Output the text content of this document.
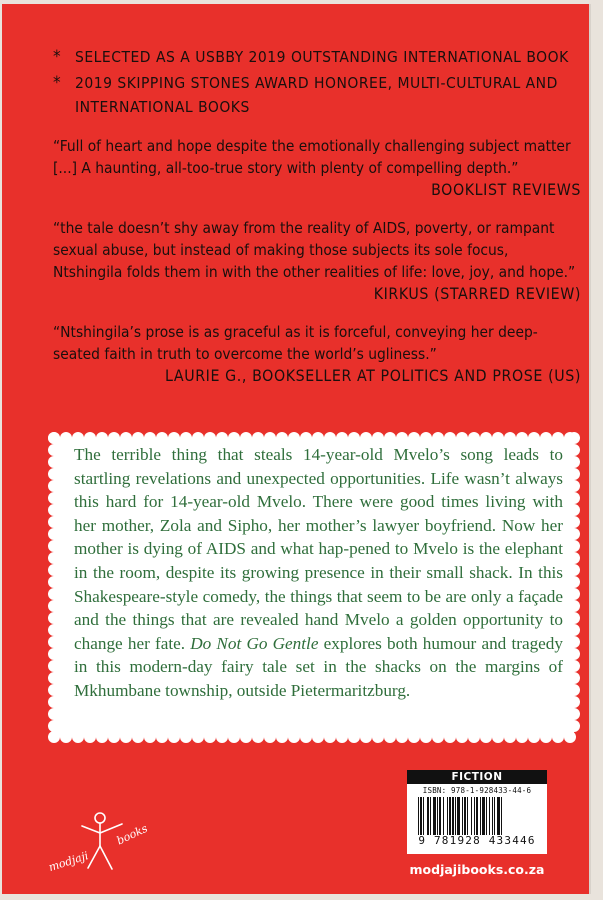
* SELECTED AS A USBBY 2019 OUTSTANDING INTERNATIONAL BOOK
* 2019 SKIPPING STONES AWARD HONOREE, MULTI-CULTURAL AND INTERNATIONAL BOOKS
“Full of heart and hope despite the emotionally challenging subject matter [...] A haunting, all-too-true story with plenty of compelling depth.”
BOOKLIST REVIEWS
“the tale doesn’t shy away from the reality of AIDS, poverty, or rampant sexual abuse, but instead of making those subjects its sole focus, Ntshingila folds them in with the other realities of life: love, joy, and hope.”
KIRKUS (STARRED REVIEW)
“Ntshingila’s prose is as graceful as it is forceful, conveying her deep-seated faith in truth to overcome the world’s ugliness.”
LAURIE G., BOOKSELLER AT POLITICS AND PROSE (US)
The terrible thing that steals 14-year-old Mvelo’s song leads to startling revelations and unexpected opportunities. Life wasn’t always this hard for 14-year-old Mvelo. There were good times living with her mother, Zola and Sipho, her mother’s lawyer boyfriend. Now her mother is dying of AIDS and what hap-pened to Mvelo is the elephant in the room, despite its growing presence in their small shack. In this Shakespeare-style comedy, the things that seem to be are only a façade and the things that are revealed hand Mvelo a golden opportunity to change her fate. Do Not Go Gentle explores both humour and tragedy in this modern-day fairy tale set in the shacks on the margins of Mkhumbane township, outside Pietermaritzburg.
modjaji
books
FICTION
ISBN: 978-1-928433-44-6
9 781928 433446
modjajibooks.co.za
